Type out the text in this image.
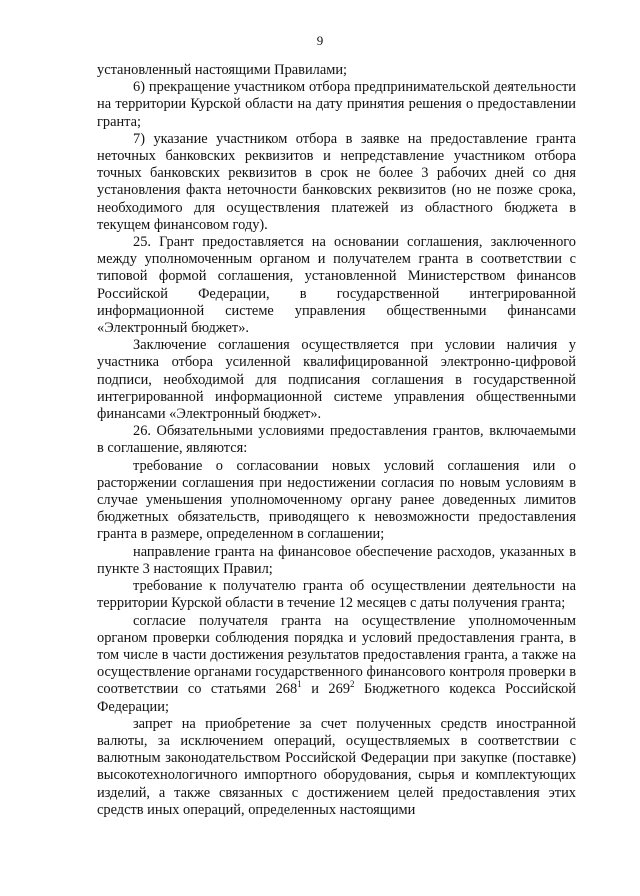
9

установленный настоящими Правилами;

6) прекращение участником отбора предпринимательской деятельности на территории Курской области на дату принятия решения о предоставлении гранта;

7) указание участником отбора в заявке на предоставление гранта неточных банковских реквизитов и непредставление участником отбора точных банковских реквизитов в срок не более 3 рабочих дней со дня установления факта неточности банковских реквизитов (но не позже срока, необходимого для осуществления платежей из областного бюджета в текущем финансовом году).

25. Грант предоставляется на основании соглашения, заключенного между уполномоченным органом и получателем гранта в соответствии с типовой формой соглашения, установленной Министерством финансов Российской Федерации, в государственной интегрированной информационной системе управления общественными финансами «Электронный бюджет».

Заключение соглашения осуществляется при условии наличия у участника отбора усиленной квалифицированной электронно-цифровой подписи, необходимой для подписания соглашения в государственной интегрированной информационной системе управления общественными финансами «Электронный бюджет».

26. Обязательными условиями предоставления грантов, включаемыми в соглашение, являются:

требование о согласовании новых условий соглашения или о расторжении соглашения при недостижении согласия по новым условиям в случае уменьшения уполномоченному органу ранее доведенных лимитов бюджетных обязательств, приводящего к невозможности предоставления гранта в размере, определенном в соглашении;

направление гранта на финансовое обеспечение расходов, указанных в пункте 3 настоящих Правил;

требование к получателю гранта об осуществлении деятельности на территории Курской области в течение 12 месяцев с даты получения гранта;

согласие получателя гранта на осуществление уполномоченным органом проверки соблюдения порядка и условий предоставления гранта, в том числе в части достижения результатов предоставления гранта, а также на осуществление органами государственного финансового контроля проверки в соответствии со статьями $268^1$ и $269^2$ Бюджетного кодекса Российской Федерации;

запрет на приобретение за счет полученных средств иностранной валюты, за исключением операций, осуществляемых в соответствии с валютным законодательством Российской Федерации при закупке (поставке) высокотехнологичного импортного оборудования, сырья и комплектующих изделий, а также связанных с достижением целей предоставления этих средств иных операций, определенных настоящими
